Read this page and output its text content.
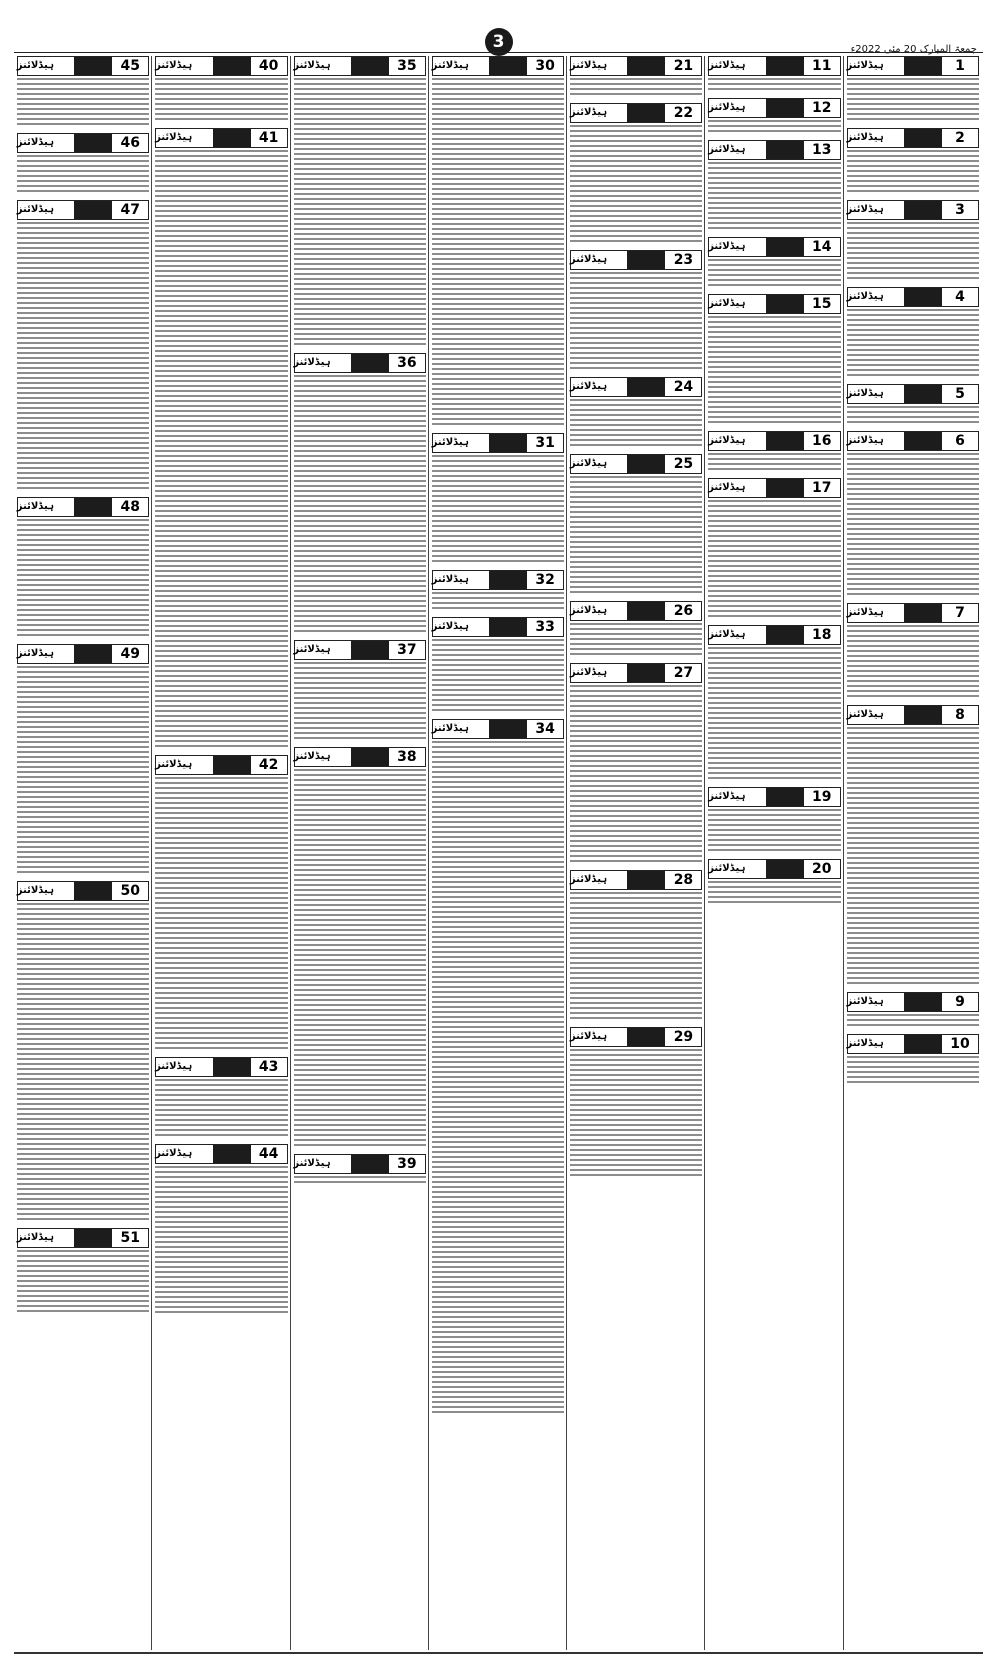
3	جمعۃ المبارک 20 مئی 2022ء
1
ہیڈلائنز
2
ہیڈلائنز
3
ہیڈلائنز
4
ہیڈلائنز
5
ہیڈلائنز
6
ہیڈلائنز
7
ہیڈلائنز
8
ہیڈلائنز
9
ہیڈلائنز
10
ہیڈلائنز
11
ہیڈلائنز
12
ہیڈلائنز
13
ہیڈلائنز
14
ہیڈلائنز
15
ہیڈلائنز
16
ہیڈلائنز
17
ہیڈلائنز
18
ہیڈلائنز
19
ہیڈلائنز
20
ہیڈلائنز
21
ہیڈلائنز
22
ہیڈلائنز
23
ہیڈلائنز
24
ہیڈلائنز
25
ہیڈلائنز
26
ہیڈلائنز
27
ہیڈلائنز
28
ہیڈلائنز
29
ہیڈلائنز
30
ہیڈلائنز
31
ہیڈلائنز
32
ہیڈلائنز
33
ہیڈلائنز
34
ہیڈلائنز
35
ہیڈلائنز
36
ہیڈلائنز
37
ہیڈلائنز
38
ہیڈلائنز
39
ہیڈلائنز
40
ہیڈلائنز
41
ہیڈلائنز
42
ہیڈلائنز
43
ہیڈلائنز
44
ہیڈلائنز
45
ہیڈلائنز
46
ہیڈلائنز
47
ہیڈلائنز
48
ہیڈلائنز
49
ہیڈلائنز
50
ہیڈلائنز
51
ہیڈلائنز
